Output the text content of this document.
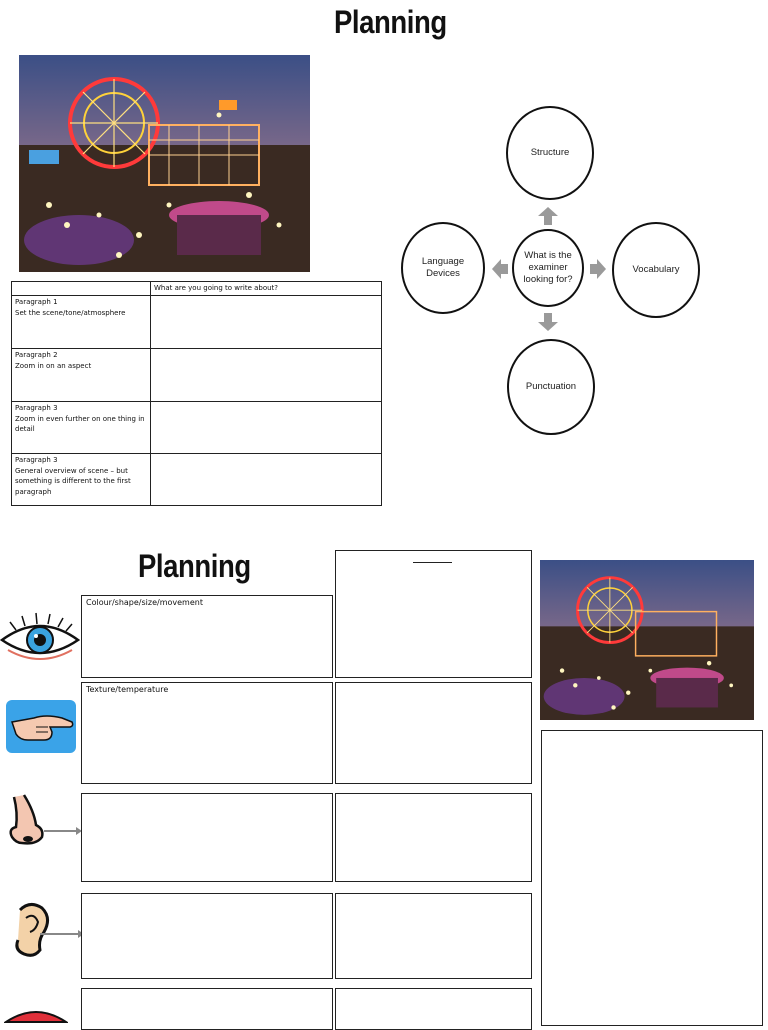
Planning
	What are you going to write about?
Paragraph 1
Set the scene/tone/atmosphere	
Paragraph 2
Zoom in on an aspect	
Paragraph 3
Zoom in even further on one thing in detail	
Paragraph 3
General overview of scene – but something is different to the first paragraph	
Structure
Vocabulary
Punctuation
Language Devices
What is the examiner looking for?
Planning
Colour/shape/size/movement
Texture/temperature
